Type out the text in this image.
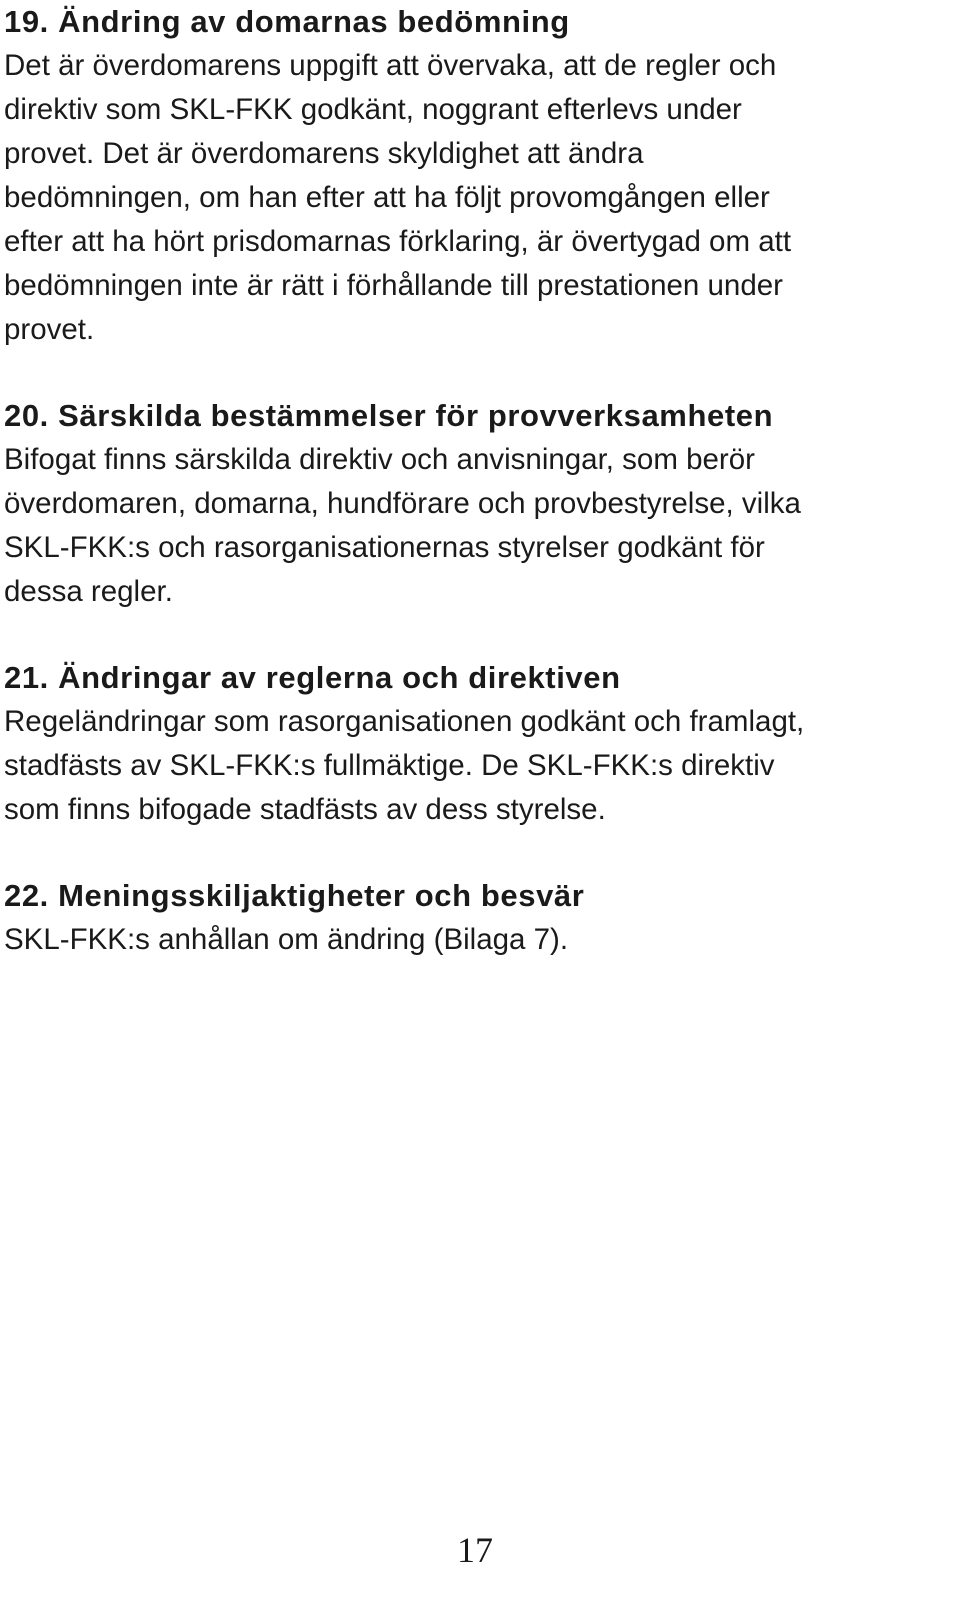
19. Ändring av domarnas bedömning

Det är överdomarens uppgift att övervaka, att de regler och

direktiv som SKL-FKK godkänt, noggrant efterlevs under

provet. Det är överdomarens skyldighet att ändra

bedömningen, om han efter att ha följt provomgången eller

efter att ha hört prisdomarnas förklaring, är övertygad om att

bedömningen inte är rätt i förhållande till prestationen under

provet.

20. Särskilda bestämmelser för provverksamheten

Bifogat finns särskilda direktiv och anvisningar, som berör

överdomaren, domarna, hundförare och provbestyrelse, vilka

SKL-FKK:s och rasorganisationernas styrelser godkänt för

dessa regler.

21. Ändringar av reglerna och direktiven

Regeländringar som rasorganisationen godkänt och framlagt,

stadfästs av SKL-FKK:s fullmäktige. De SKL-FKK:s direktiv

som finns bifogade stadfästs av dess styrelse.

22. Meningsskiljaktigheter och besvär

SKL-FKK:s anhållan om ändring (Bilaga 7).

17
